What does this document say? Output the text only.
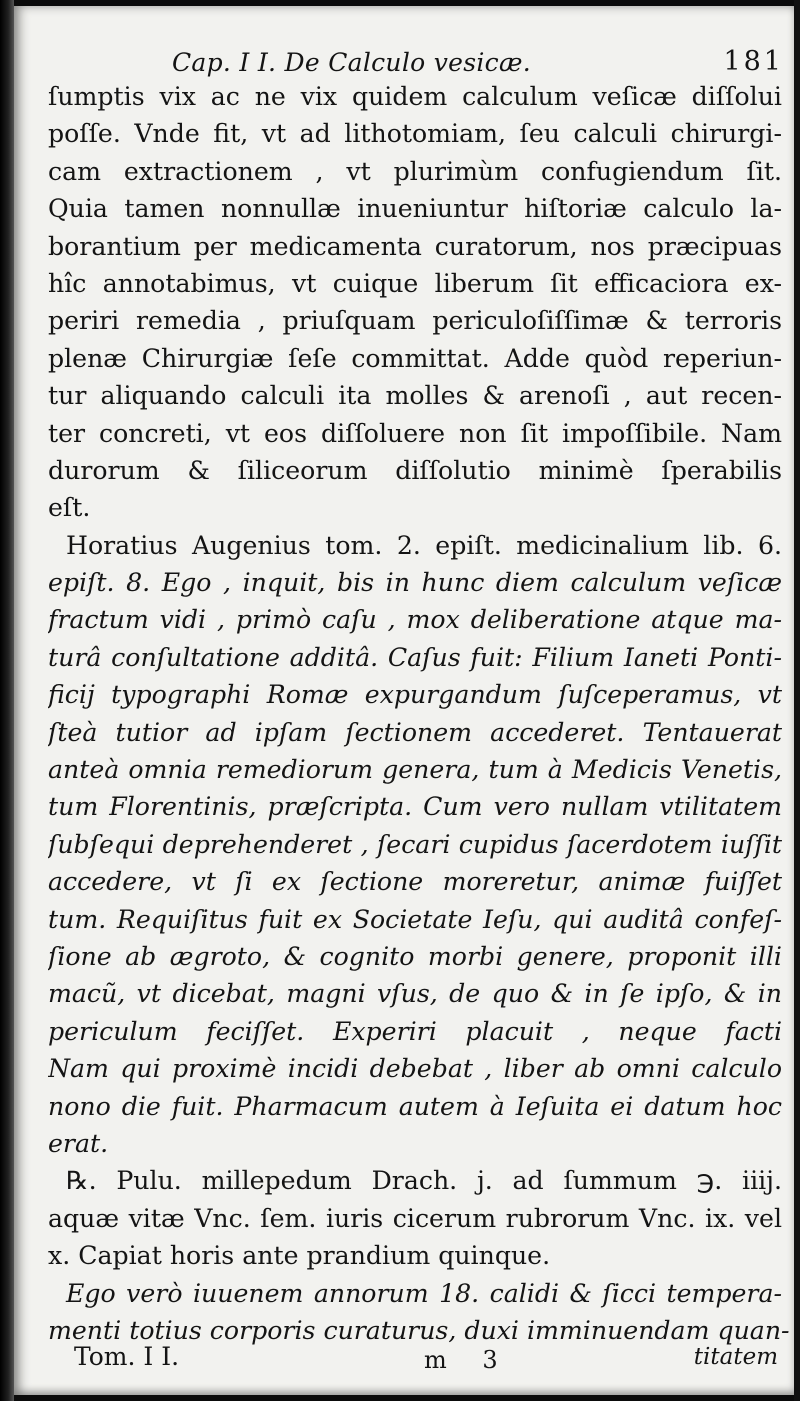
Cap. I I. De Calculo vesicæ.	181
ſumptis vix ac ne vix quidem calculum veſicæ diſſolui
poſſe. Vnde fit, vt ad lithotomiam, ſeu calculi chirurgi-
cam extractionem , vt plurimùm confugiendum ſit.
Quia tamen nonnullæ inueniuntur hiſtoriæ calculo la-
borantium per medicamenta curatorum, nos præcipuas
hîc annotabimus, vt cuique liberum ſit efficaciora ex-
periri remedia , priuſquam periculoſiſſimæ & terroris
plenæ Chirurgiæ ſeſe committat. Adde quòd reperiun-
tur aliquando calculi ita molles & arenoſi , aut recen-
ter concreti, vt eos diſſoluere non ſit impoſſibile. Nam
durorum & ſiliceorum diſſolutio minimè ſperabilis
eſt.
Horatius Augenius tom. 2. epiſt. medicinalium lib. 6.
epiſt. 8. Ego , inquit, bis in hunc diem calculum veſicæ
fractum vidi , primò caſu , mox deliberatione atque ma-
turâ conſultatione additâ. Caſus fuit: Filium Ianeti Ponti-
ficij typographi Romæ expurgandum ſuſceperamus, vt
ſteà tutior ad ipſam ſectionem accederet. Tentauerat
anteà omnia remediorum genera, tum à Medicis Venetis,
tum Florentinis, præſcripta. Cum vero nullam vtilitatem
ſubſequi deprehenderet , ſecari cupidus ſacerdotem iuſſit
accedere, vt ſi ex ſectione moreretur, animæ fuiſſet
tum. Requiſitus fuit ex Societate Ieſu, qui auditâ confeſ-
ſione ab ægroto, & cognito morbi genere, proponit illi
macũ, vt dicebat, magni vſus, de quo & in ſe ipſo, & in
periculum feciſſet. Experiri placuit , neque facti
Nam qui proximè incidi debebat , liber ab omni calculo
nono die fuit. Pharmacum autem à Ieſuita ei datum hoc
erat.
℞. Pulu. millepedum Drach. j. ad ſummum ℈. iiij.
aquæ vitæ Vnc. ſem. iuris cicerum rubrorum Vnc. ix. vel
x. Capiat horis ante prandium quinque.
Ego verò iuuenem annorum 18. calidi & ſicci tempera-
menti totius corporis curaturus, duxi imminuendam quan-
Tom. I I.	m 3	titatem
